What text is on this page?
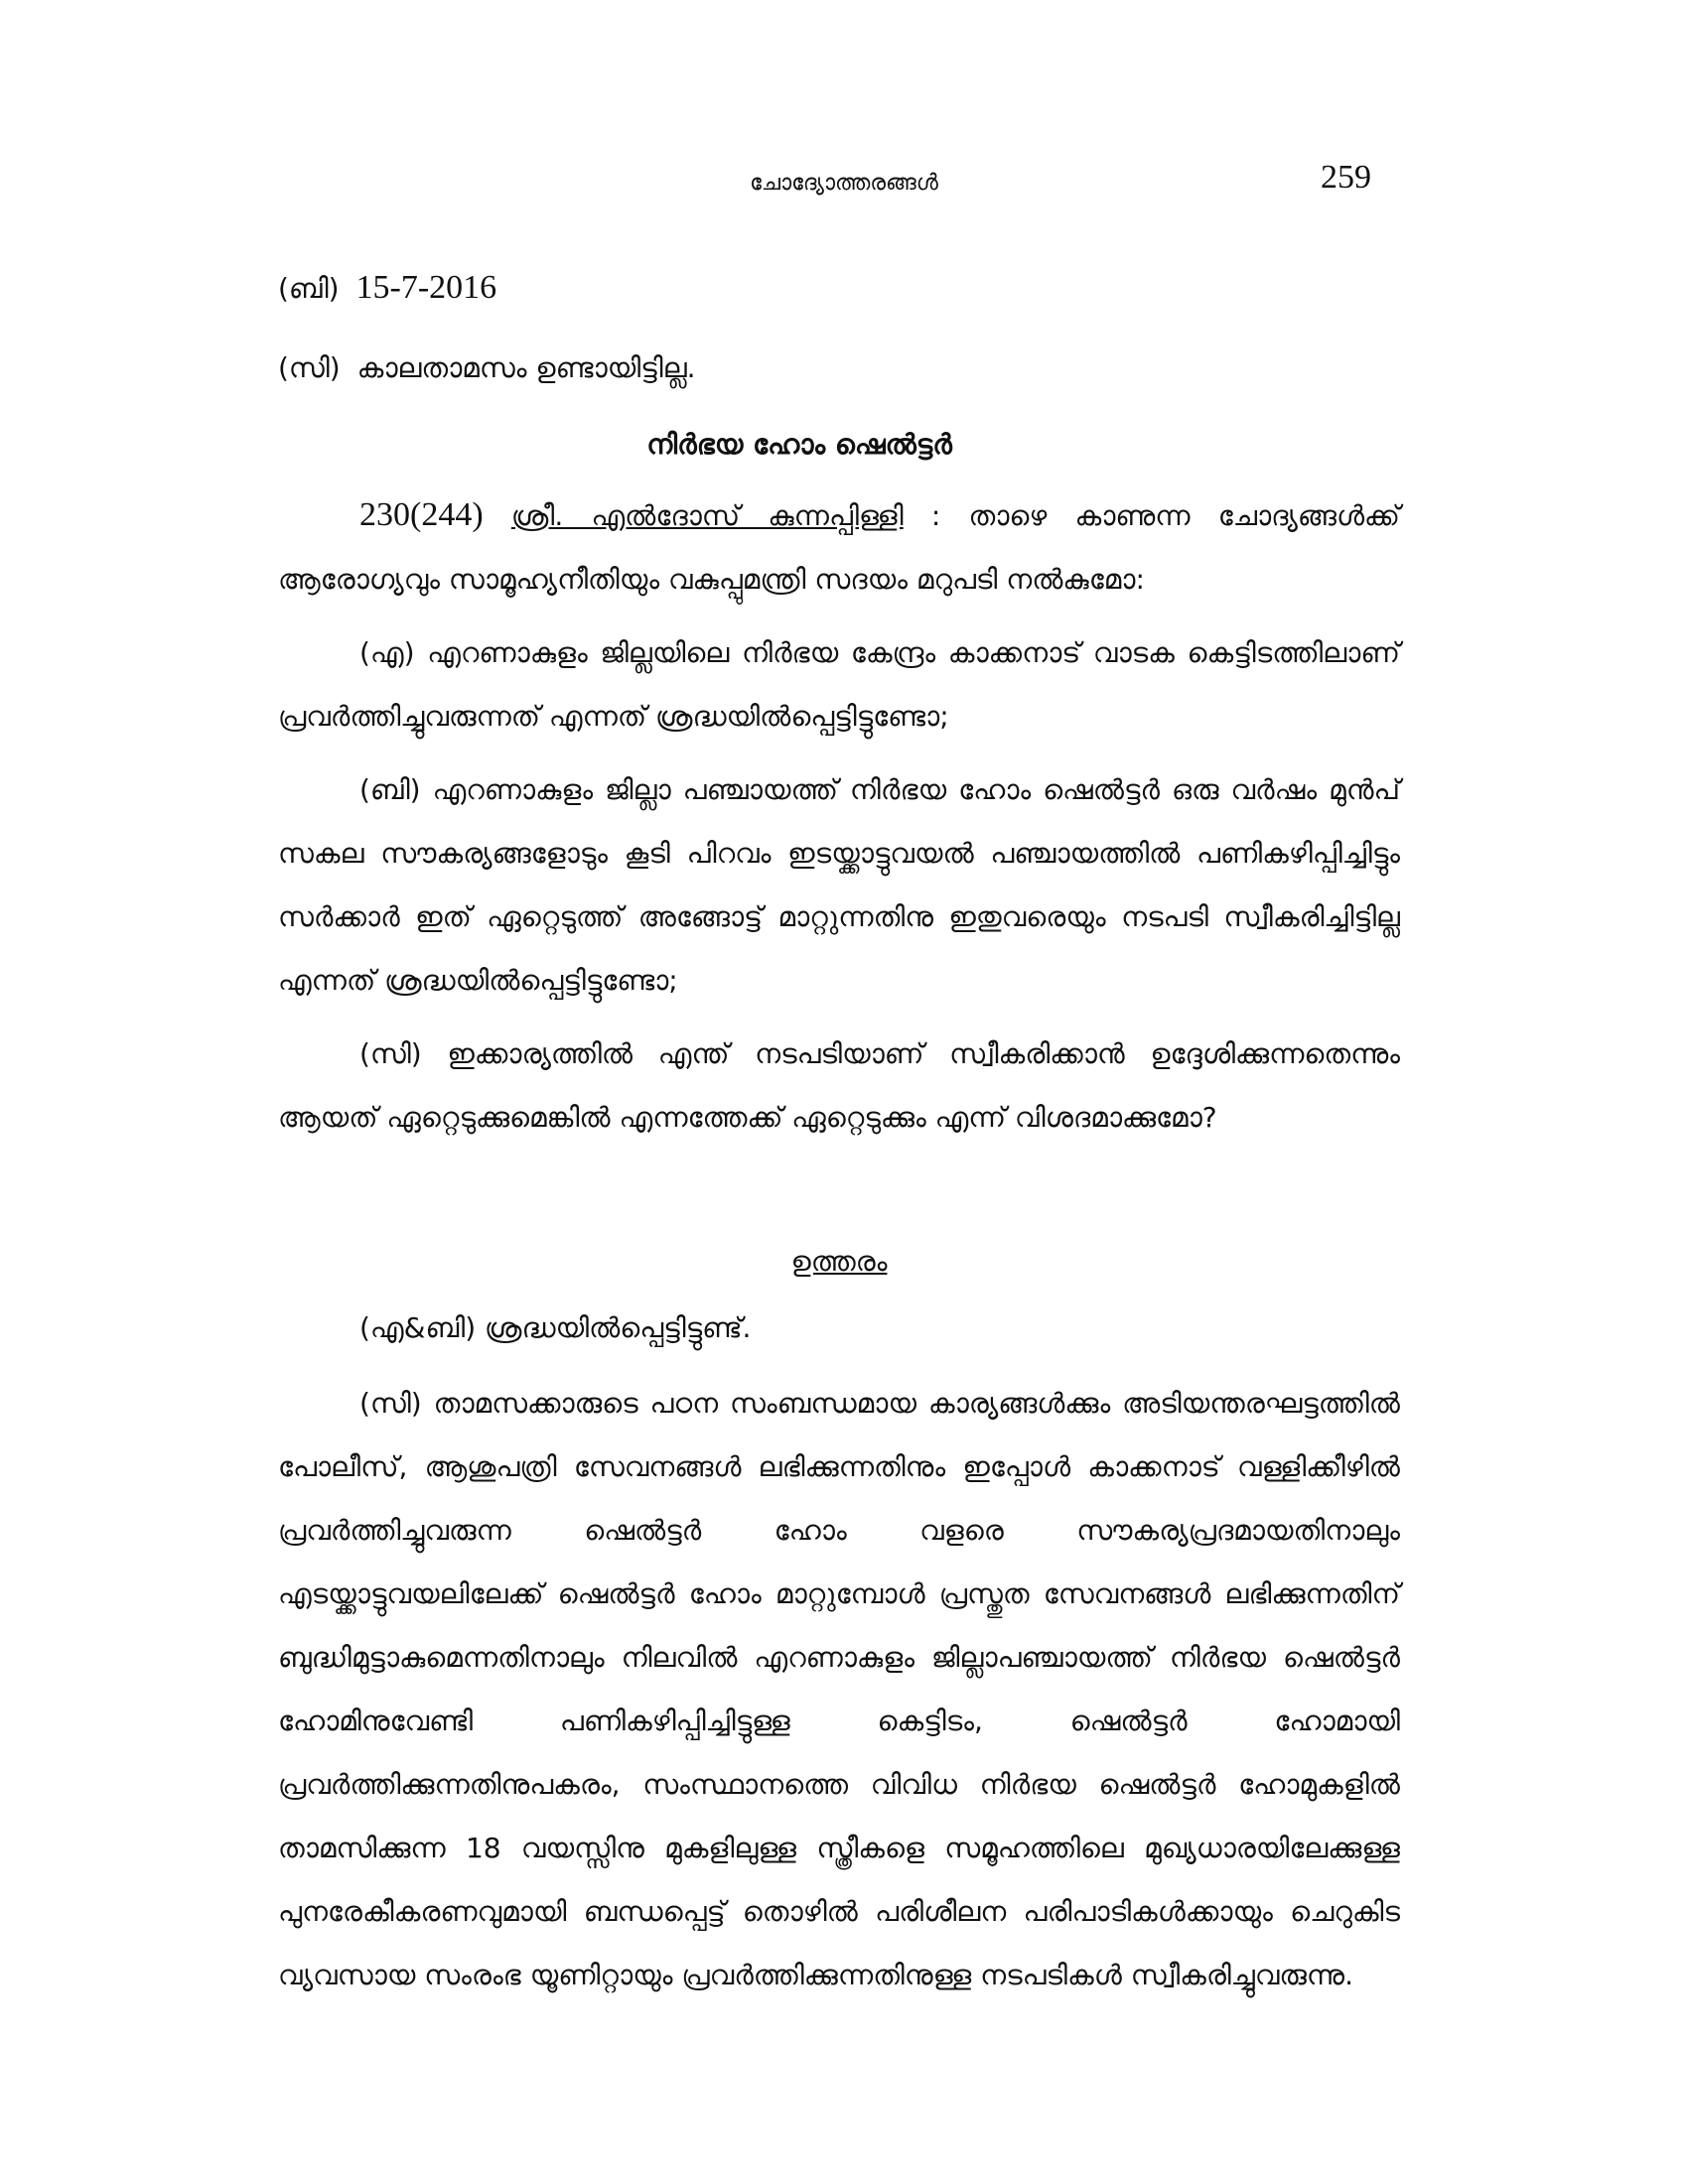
ചോദ്യോത്തരങ്ങൾ	259
(ബി) 15-7-2016
(സി) കാലതാമസം ഉണ്ടായിട്ടില്ല.
നിർഭയ ഹോം ഷെൽട്ടർ
230(244) ശ്രീ. എൽദോസ് കുന്നപ്പിള്ളി : താഴെ കാണുന്ന ചോദ്യങ്ങൾക്ക് ആരോഗ്യവും സാമൂഹ്യനീതിയും വകുപ്പുമന്ത്രി സദയം മറുപടി നൽകുമോ:
(എ) എറണാകുളം ജില്ലയിലെ നിർഭയ കേന്ദ്രം കാക്കനാട് വാടക കെട്ടിടത്തിലാണ് പ്രവർത്തിച്ചുവരുന്നത് എന്നത് ശ്രദ്ധയിൽപ്പെട്ടിട്ടുണ്ടോ;
(ബി) എറണാകുളം ജില്ലാ പഞ്ചായത്ത് നിർഭയ ഹോം ഷെൽട്ടർ ഒരു വർഷം മുൻപ് സകല സൗകര്യങ്ങളോടും കൂടി പിറവം ഇടയ്ക്കാട്ടുവയൽ പഞ്ചായത്തിൽ പണികഴിപ്പിച്ചിട്ടും സർക്കാർ ഇത് ഏറ്റെടുത്ത് അങ്ങോട്ട് മാറ്റുന്നതിനു ഇതുവരെയും നടപടി സ്വീകരിച്ചിട്ടില്ല എന്നത് ശ്രദ്ധയിൽപ്പെട്ടിട്ടുണ്ടോ;
(സി) ഇക്കാര്യത്തിൽ എന്ത് നടപടിയാണ് സ്വീകരിക്കാൻ ഉദ്ദേശിക്കുന്നതെന്നും ആയത് ഏറ്റെടുക്കുമെങ്കിൽ എന്നത്തേക്ക് ഏറ്റെടുക്കും എന്ന് വിശദമാക്കുമോ?
ഉത്തരം
(എ&ബി) ശ്രദ്ധയിൽപ്പെട്ടിട്ടുണ്ട്.
(സി) താമസക്കാരുടെ പഠന സംബന്ധമായ കാര്യങ്ങൾക്കും അടിയന്തരഘട്ടത്തിൽ പോലീസ്, ആശുപത്രി സേവനങ്ങൾ ലഭിക്കുന്നതിനും ഇപ്പോൾ കാക്കനാട് വള്ളിക്കീഴിൽ പ്രവർത്തിച്ചുവരുന്ന ഷെൽട്ടർ ഹോം വളരെ സൗകര്യപ്രദമായതിനാലും എടയ്ക്കാട്ടുവയലിലേക്ക് ഷെൽട്ടർ ഹോം മാറ്റുമ്പോൾ പ്രസ്തുത സേവനങ്ങൾ ലഭിക്കുന്നതിന് ബുദ്ധിമുട്ടാകുമെന്നതിനാലും നിലവിൽ എറണാകുളം ജില്ലാപഞ്ചായത്ത് നിർഭയ ഷെൽട്ടർ ഹോമിനുവേണ്ടി പണികഴിപ്പിച്ചിട്ടുള്ള കെട്ടിടം, ഷെൽട്ടർ ഹോമായി പ്രവർത്തിക്കുന്നതിനുപകരം, സംസ്ഥാനത്തെ വിവിധ നിർഭയ ഷെൽട്ടർ ഹോമുകളിൽ താമസിക്കുന്ന 18 വയസ്സിനു മുകളിലുള്ള സ്ത്രീകളെ സമൂഹത്തിലെ മുഖ്യധാരയിലേക്കുള്ള പുനരേകീകരണവുമായി ബന്ധപ്പെട്ട് തൊഴിൽ പരിശീലന പരിപാടികൾക്കായും ചെറുകിട വ്യവസായ സംരംഭ യൂണിറ്റായും പ്രവർത്തിക്കുന്നതിനുള്ള നടപടികൾ സ്വീകരിച്ചുവരുന്നു.
